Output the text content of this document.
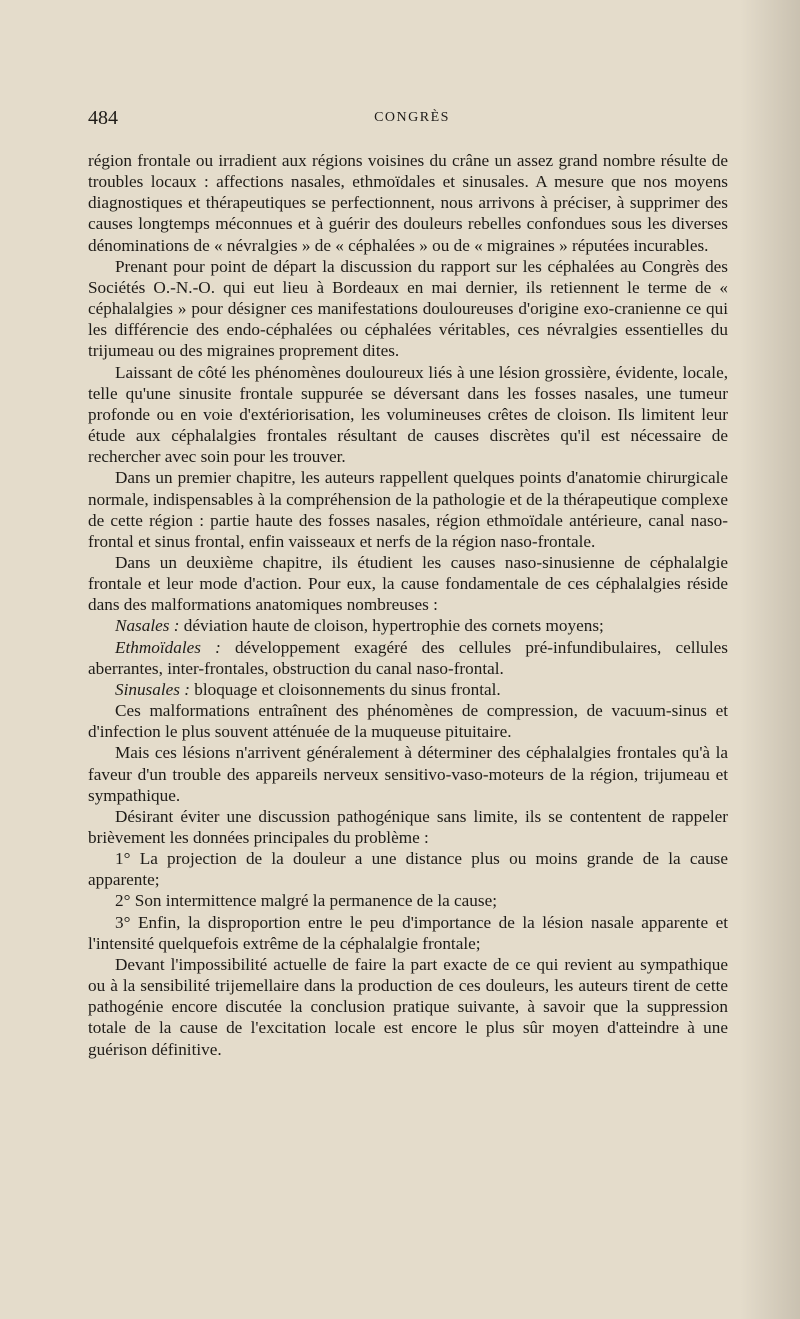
484	CONGRÈS

région frontale ou irradient aux régions voisines du crâne un assez grand nombre résulte de troubles locaux : affections nasales, ethmoïdales et sinusales. A mesure que nos moyens diagnostiques et thérapeutiques se perfectionnent, nous arrivons à préciser, à supprimer des causes longtemps méconnues et à guérir des douleurs rebelles confondues sous les diverses dénominations de « névralgies » de « céphalées » ou de « migraines » réputées incurables.

Prenant pour point de départ la discussion du rapport sur les céphalées au Congrès des Sociétés O.-N.-O. qui eut lieu à Bordeaux en mai dernier, ils retiennent le terme de « céphalalgies » pour désigner ces manifestations douloureuses d'origine exo-cranienne ce qui les différencie des endo-céphalées ou céphalées véritables, ces névralgies essentielles du trijumeau ou des migraines proprement dites.

Laissant de côté les phénomènes douloureux liés à une lésion grossière, évidente, locale, telle qu'une sinusite frontale suppurée se déversant dans les fosses nasales, une tumeur profonde ou en voie d'extériorisation, les volumineuses crêtes de cloison. Ils limitent leur étude aux céphalalgies frontales résultant de causes discrètes qu'il est nécessaire de rechercher avec soin pour les trouver.

Dans un premier chapitre, les auteurs rappellent quelques points d'anatomie chirurgicale normale, indispensables à la compréhension de la pathologie et de la thérapeutique complexe de cette région : partie haute des fosses nasales, région ethmoïdale antérieure, canal naso-frontal et sinus frontal, enfin vaisseaux et nerfs de la région naso-frontale.

Dans un deuxième chapitre, ils étudient les causes naso-sinusienne de céphalalgie frontale et leur mode d'action. Pour eux, la cause fondamentale de ces céphalalgies réside dans des malformations anatomiques nombreuses :

Nasales : déviation haute de cloison, hypertrophie des cornets moyens;

Ethmoïdales : développement exagéré des cellules pré-infundibulaires, cellules aberrantes, inter-frontales, obstruction du canal naso-frontal.

Sinusales : bloquage et cloisonnements du sinus frontal.

Ces malformations entraînent des phénomènes de compression, de vacuum-sinus et d'infection le plus souvent atténuée de la muqueuse pituitaire.

Mais ces lésions n'arrivent généralement à déterminer des céphalalgies frontales qu'à la faveur d'un trouble des appareils nerveux sensitivo-vaso-moteurs de la région, trijumeau et sympathique.

Désirant éviter une discussion pathogénique sans limite, ils se contentent de rappeler brièvement les données principales du problème :

1° La projection de la douleur a une distance plus ou moins grande de la cause apparente;

2° Son intermittence malgré la permanence de la cause;

3° Enfin, la disproportion entre le peu d'importance de la lésion nasale apparente et l'intensité quelquefois extrême de la céphalalgie frontale;

Devant l'impossibilité actuelle de faire la part exacte de ce qui revient au sympathique ou à la sensibilité trijemellaire dans la production de ces douleurs, les auteurs tirent de cette pathogénie encore discutée la conclusion pratique suivante, à savoir que la suppression totale de la cause de l'excitation locale est encore le plus sûr moyen d'atteindre à une guérison définitive.
